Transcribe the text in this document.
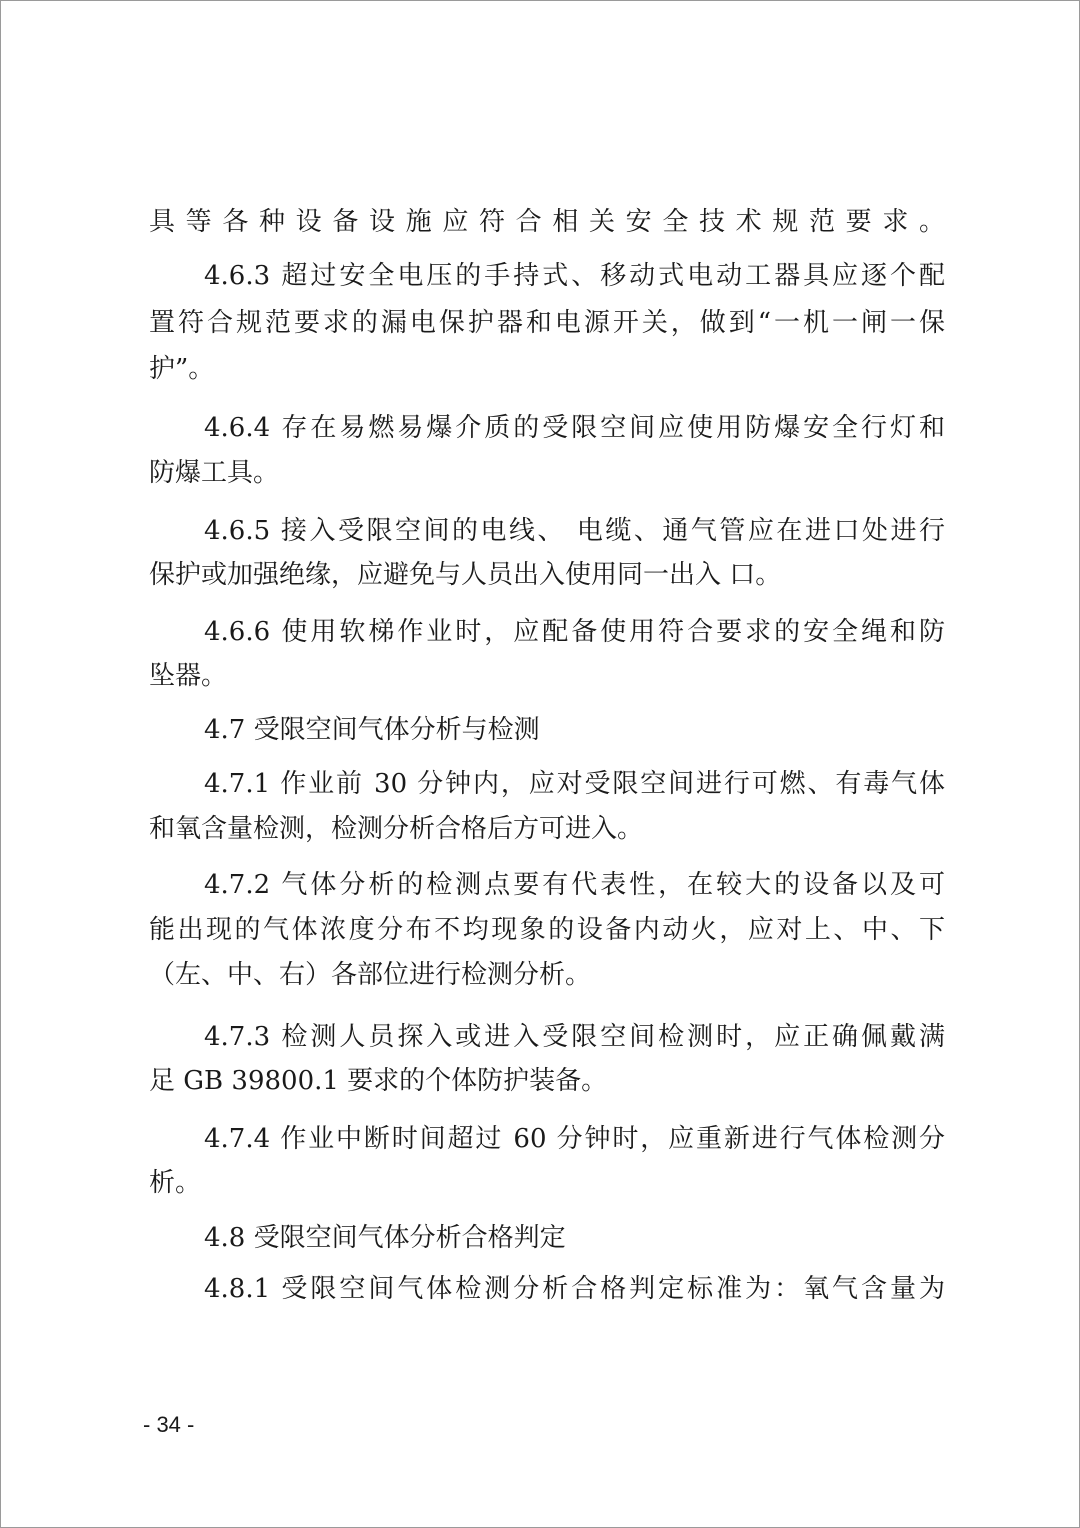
具等各种设备设施应符合相关安全技术规范要求。
4.6.3 超过安全电压的手持式、移动式电动工器具应逐个配
置符合规范要求的漏电保护器和电源开关，做到“一机一闸一保
护”。
4.6.4 存在易燃易爆介质的受限空间应使用防爆安全行灯和
防爆工具。
4.6.5 接入受限空间的电线、 电缆、通气管应在进口处进行
保护或加强绝缘，应避免与人员出入使用同一出入 口。
4.6.6 使用软梯作业时，应配备使用符合要求的安全绳和防
坠器。
4.7 受限空间气体分析与检测
4.7.1 作业前 30 分钟内，应对受限空间进行可燃、有毒气体
和氧含量检测，检测分析合格后方可进入。
4.7.2 气体分析的检测点要有代表性，在较大的设备以及可
能出现的气体浓度分布不均现象的设备内动火，应对上、中、下
（左、中、右）各部位进行检测分析。
4.7.3 检测人员探入或进入受限空间检测时，应正确佩戴满
足 GB 39800.1 要求的个体防护装备。
4.7.4 作业中断时间超过 60 分钟时，应重新进行气体检测分
析。
4.8 受限空间气体分析合格判定
4.8.1 受限空间气体检测分析合格判定标准为：氧气含量为
- 34 -
